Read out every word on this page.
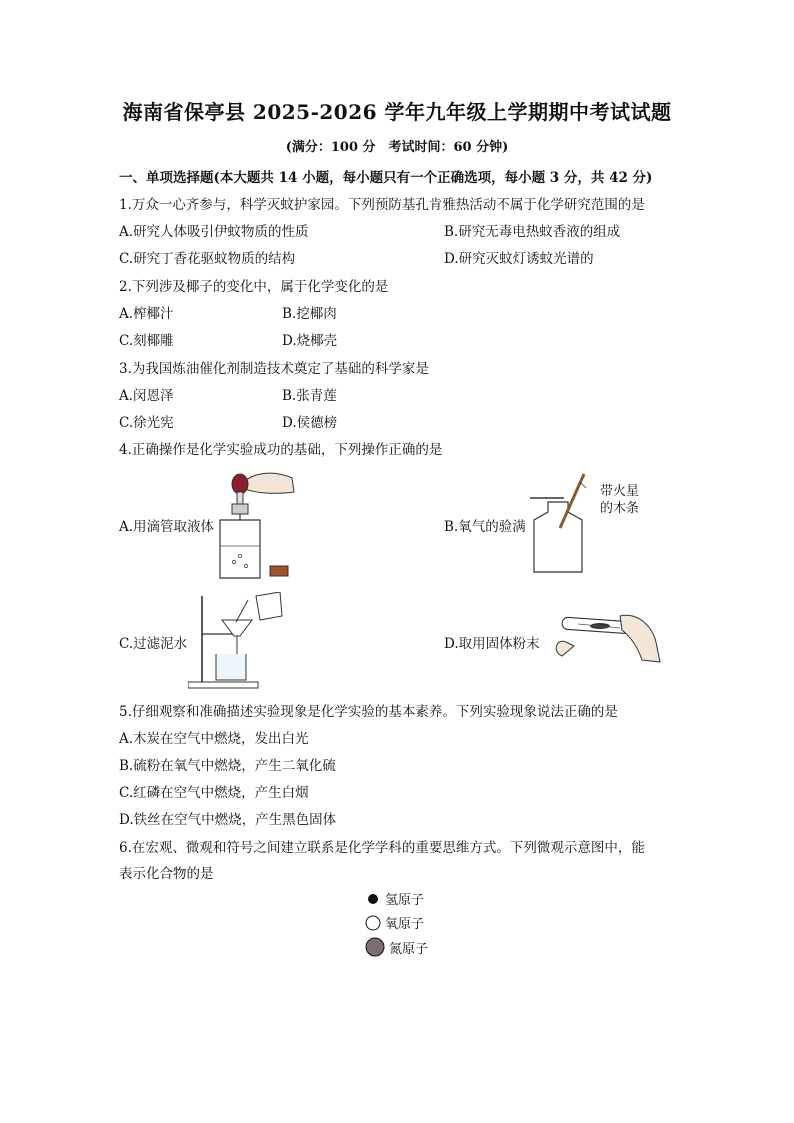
海南省保亭县 2025-2026 学年九年级上学期期中考试试题
(满分：100 分　考试时间：60 分钟)
一、单项选择题(本大题共 14 小题，每小题只有一个正确选项，每小题 3 分，共 42 分)
1.万众一心齐参与，科学灭蚊护家园。下列预防基孔肯雅热活动不属于化学研究范围的是
A.研究人体吸引伊蚊物质的性质	B.研究无毒电热蚊香液的组成
C.研究丁香花驱蚊物质的结构	D.研究灭蚊灯诱蚊光谱的
2.下列涉及椰子的变化中，属于化学变化的是
A.榨椰汁	B.挖椰肉
C.刻椰雕	D.烧椰壳
3.为我国炼油催化剂制造技术奠定了基础的科学家是
A.闵恩泽	B.张青莲
C.徐光宪	D.侯德榜
4.正确操作是化学实验成功的基础，下列操作正确的是
A.用滴管取液体	B.氧气的验满
C.过滤泥水	D.取用固体粉末
带火星
的木条
5.仔细观察和准确描述实验现象是化学实验的基本素养。下列实验现象说法正确的是
A.木炭在空气中燃烧，发出白光
B.硫粉在氧气中燃烧，产生二氧化硫
C.红磷在空气中燃烧，产生白烟
D.铁丝在空气中燃烧，产生黑色固体
6.在宏观、微观和符号之间建立联系是化学学科的重要思维方式。下列微观示意图中，能
表示化合物的是
氢原子
氧原子
氮原子
